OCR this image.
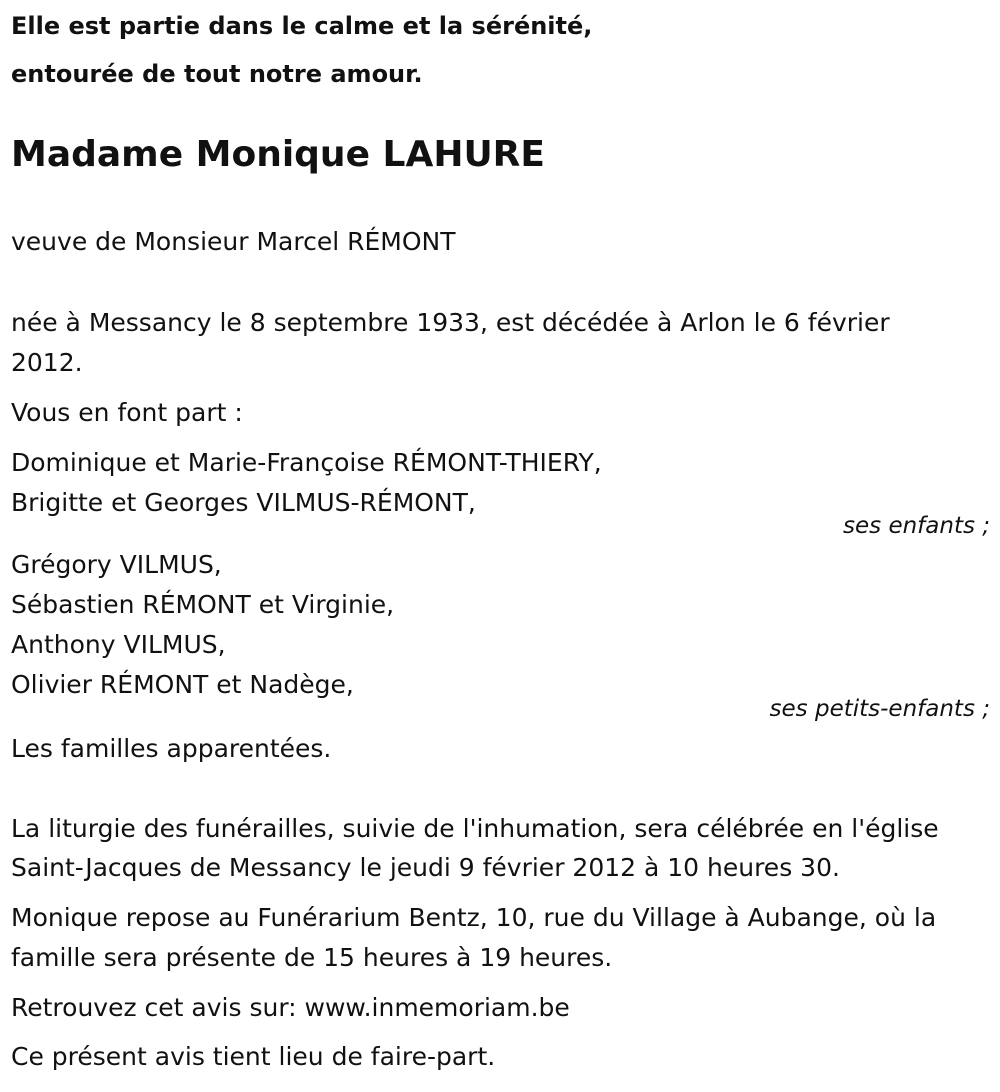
Elle est partie dans le calme et la sérénité,
entourée de tout notre amour.
Madame Monique LAHURE
veuve de Monsieur Marcel RÉMONT
née à Messancy le 8 septembre 1933, est décédée à Arlon le 6 février
2012.
Vous en font part :
Dominique et Marie-Françoise RÉMONT-THIERY,
Brigitte et Georges VILMUS-RÉMONT,
ses enfants ;
Grégory VILMUS,
Sébastien RÉMONT et Virginie,
Anthony VILMUS,
Olivier RÉMONT et Nadège,
ses petits-enfants ;
Les familles apparentées.
La liturgie des funérailles, suivie de l'inhumation, sera célébrée en l'église
Saint-Jacques de Messancy le jeudi 9 février 2012 à 10 heures 30.
Monique repose au Funérarium Bentz, 10, rue du Village à Aubange, où la
famille sera présente de 15 heures à 19 heures.
Retrouvez cet avis sur: www.inmemoriam.be
Ce présent avis tient lieu de faire-part.
